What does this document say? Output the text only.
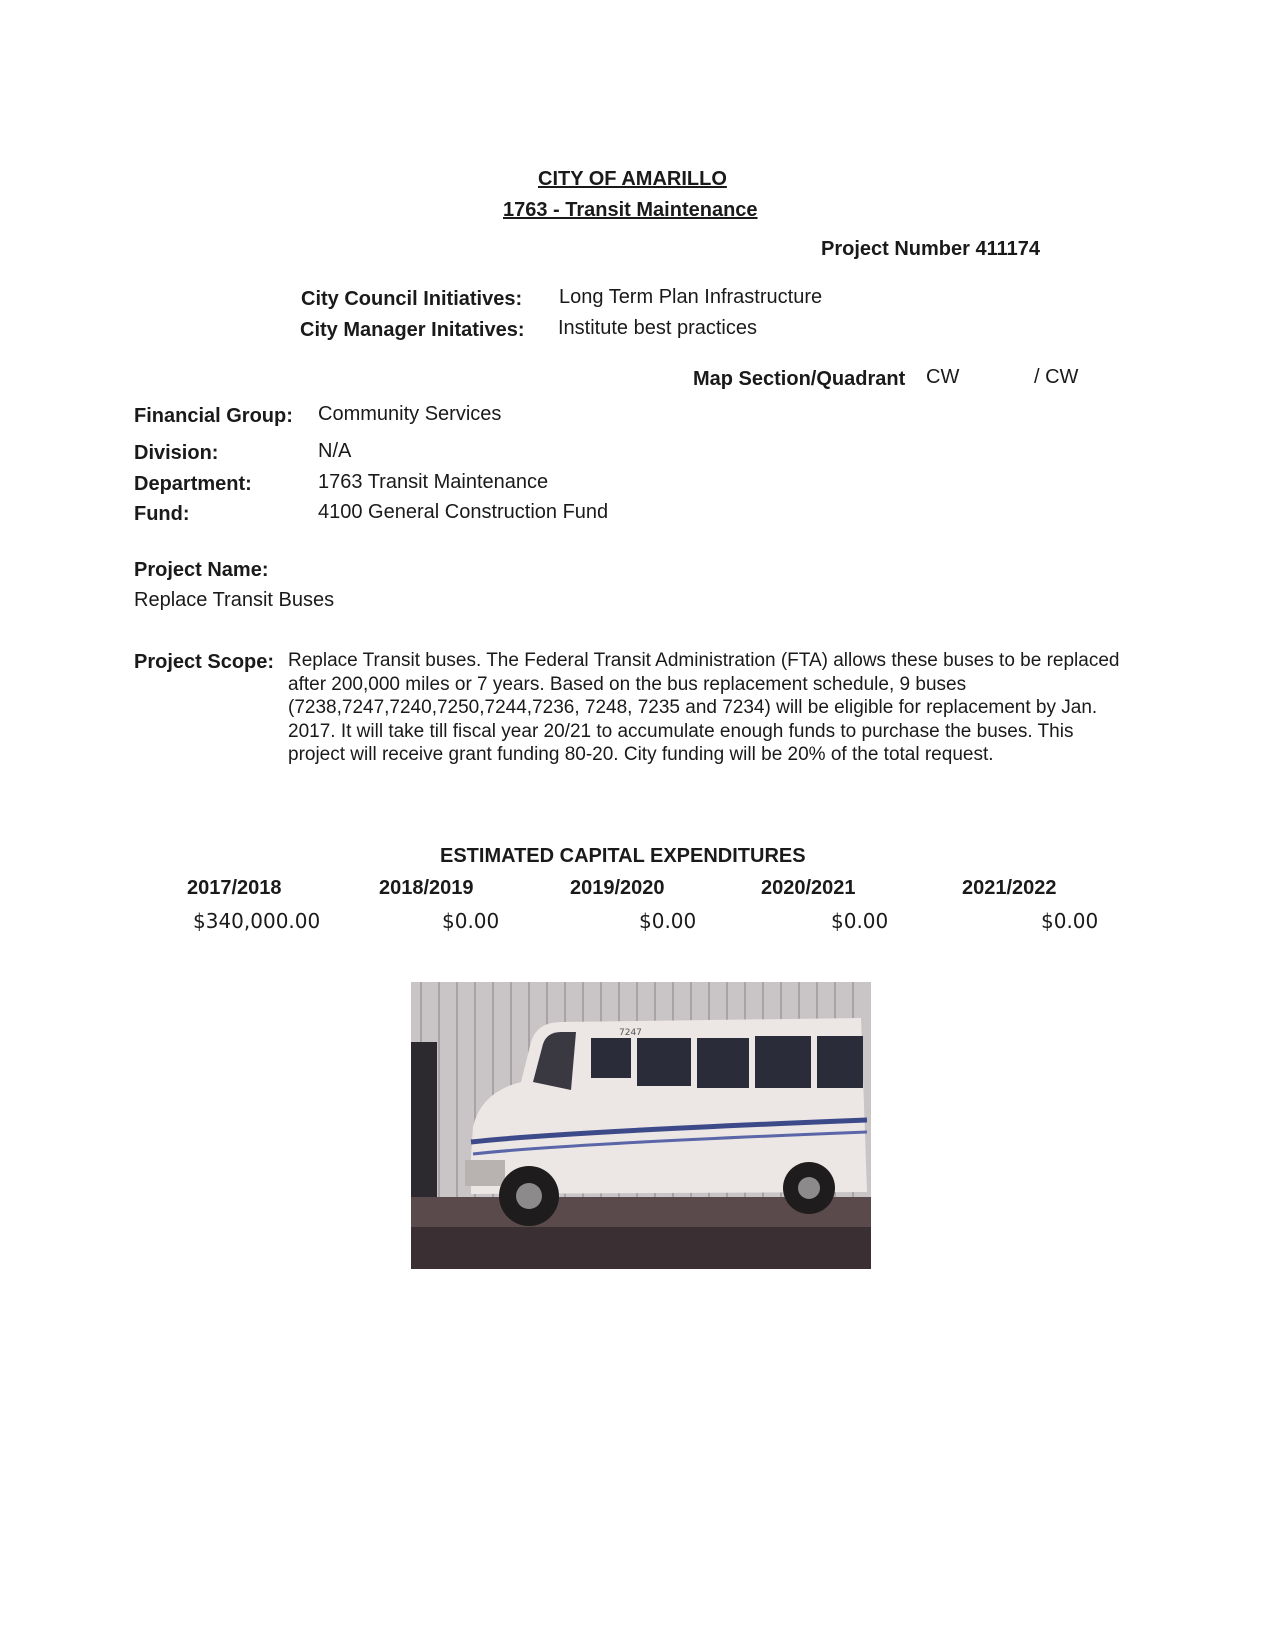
CITY OF AMARILLO
1763 - Transit Maintenance
Project Number 411174
City Council Initiatives: Long Term Plan Infrastructure
City Manager Initatives: Institute best practices
Map Section/Quadrant CW	/ CW
Financial Group: Community Services
Division:	N/A
Department:	1763 Transit Maintenance
Fund:	4100 General Construction Fund
Project Name:
Replace Transit Buses
Project Scope: Replace Transit buses. The Federal Transit Administration (FTA) allows these buses to be replaced after 200,000 miles or 7 years. Based on the bus replacement schedule, 9 buses (7238,7247,7240,7250,7244,7236, 7248, 7235 and 7234) will be eligible for replacement by Jan. 2017. It will take till fiscal year 20/21 to accumulate enough funds to purchase the buses. This project will receive grant funding 80-20. City funding will be 20% of the total request.
ESTIMATED CAPITAL EXPENDITURES
2017/2018	2018/2019	2019/2020	2020/2021	2021/2022
$340,000.00	$0.00	$0.00	$0.00	$0.00
7247
